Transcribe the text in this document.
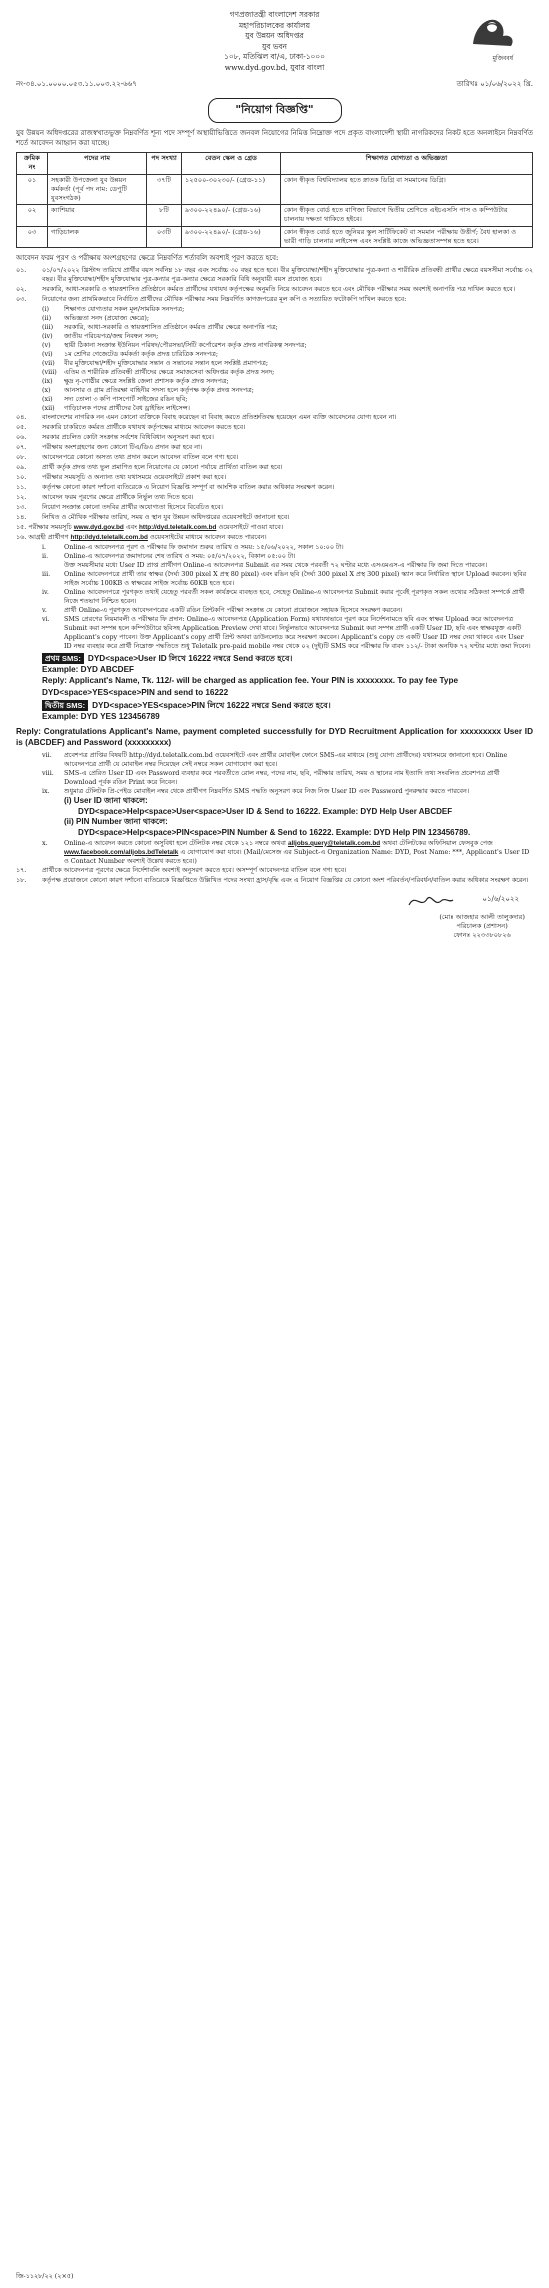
গণপ্রজাতন্ত্রী বাংলাদেশ সরকার
মহাপরিচালকের কার্যালয়
যুব উন্নয়ন অধিদপ্তর
যুব ভবন
১০৮, মতিঝিল বা/এ, ঢাকা-১০০০
www.dyd.gov.bd, যুবার বাংলা
মুজিববর্ষ
নং-৩৪.০১.০০০০.০৫৩.১১.০০৩.২২-৬৬৭	তারিখঃ ০১/০৬/২০২২ খ্রি.
"নিয়োগ বিজ্ঞপ্তি"
যুব উন্নয়ন অধিদপ্তরের রাজস্বখাতভুক্ত নিম্নবর্ণিত শূন্য পদে সম্পূর্ণ অস্থায়ীভিত্তিতে জনবল নিয়োগের নিমিত্ত নিম্নোক্ত পদে প্রকৃত বাংলাদেশী স্থায়ী নাগরিকদের নিকট হতে অনলাইনে নিম্নবর্ণিত শর্তে আবেদন আহ্বান করা যাচ্ছে।
ক্রমিক নং	পদের নাম	পদ সংখ্যা	বেতন স্কেল ও গ্রেড	শিক্ষাগত যোগ্যতা ও অভিজ্ঞতা
০১	সহকারী উপজেলা যুব উন্নয়ন কর্মকর্তা (পূর্ব পদ নাম: ডেপুটি যুবসংগঠক)	৩৭টি	১২৫০০-৩০২৩০/- (গ্রেড-১১)	কোন স্বীকৃত বিশ্ববিদ্যালয় হতে স্নাতক ডিগ্রি বা সমমানের ডিগ্রি।
০২	ক্যাশিয়ার	৮টি	৯৩০০-২২৪৯০/- (গ্রেড-১৬)	কোন স্বীকৃত বোর্ড হতে বাণিজ্য বিভাগে দ্বিতীয় শ্রেণিতে এইচএসসি পাস ও কম্পিউটার চালনায় দক্ষতা থাকিতে হইবে।
০৩	গাড়িচালক	০৩টি	৯৩০০-২২৪৯০/- (গ্রেড-১৬)	কোন স্বীকৃত বোর্ড হতে জুনিয়র স্কুল সার্টিফিকেট বা সমমান পরীক্ষায় উত্তীর্ণ; বৈধ হালকা ও ভারী গাড়ি চালনার লাইসেন্স এবং সংশ্লিষ্ট কাজে অভিজ্ঞতাসম্পন্ন হতে হবে।
আবেদন ফরম পূরণ ও পরীক্ষায় অংশগ্রহণের ক্ষেত্রে নিম্নবর্ণিত শর্তাবলি অবশ্যই পূরণ করতে হবে:
০১.	০১/০৭/২০২২ খ্রিস্টাব্দ তারিখে প্রার্থীর বয়স সর্বনিম্ন ১৮ বছর এবং সর্বোচ্চ ৩০ বছর হতে হবে। বীর মুক্তিযোদ্ধা/শহীদ মুক্তিযোদ্ধার পুত্র-কন্যা ও শারীরিক প্রতিবন্ধী প্রার্থীর ক্ষেত্রে বয়সসীমা সর্বোচ্চ ৩২ বছর। বীর মুক্তিযোদ্ধা/শহীদ মুক্তিযোদ্ধার পুত্র-কন্যার পুত্র-কন্যার ক্ষেত্রে সরকারি বিধি অনুযায়ী বয়স প্রযোজ্য হবে।
০২.	সরকারি, আধা-সরকারি ও স্বায়ত্তশাসিত প্রতিষ্ঠানে কর্মরত প্রার্থীদের যথাযথ কর্তৃপক্ষের অনুমতি নিয়ে আবেদন করতে হবে এবং মৌখিক পরীক্ষার সময় অবশ্যই অনাপত্তি পত্র দাখিল করতে হবে।
০৩.	নিয়োগের জন্য প্রাথমিকভাবে নির্বাচিত প্রার্থীদের মৌখিক পরীক্ষার সময় নিম্নবর্ণিত কাগজপত্রের মূল কপি ও সত্যায়িত ফটোকপি দাখিল করতে হবে:
(i)	শিক্ষাগত যোগ্যতার সকল মূল/সাময়িক সনদপত্র;
(ii)	অভিজ্ঞতা সনদ (প্রযোজ্য ক্ষেত্রে);
(iii)	সরকারি, আধা-সরকারি ও স্বায়ত্তশাসিত প্রতিষ্ঠানে কর্মরত প্রার্থীর ক্ষেত্রে অনাপত্তি পত্র;
(iv)	জাতীয় পরিচয়পত্র/জন্ম নিবন্ধন সনদ;
(v)	স্থায়ী ঠিকানা সংক্রান্ত ইউনিয়ন পরিষদ/পৌরসভা/সিটি কর্পোরেশন কর্তৃক প্রদত্ত নাগরিকত্ব সনদপত্র;
(vi)	১ম শ্রেণির গেজেটেড কর্মকর্তা কর্তৃক প্রদত্ত চারিত্রিক সনদপত্র;
(vii)	বীর মুক্তিযোদ্ধা/শহীদ মুক্তিযোদ্ধার সন্তান ও সন্তানের সন্তান হলে সংশ্লিষ্ট প্রমাণপত্র;
(viii)	এতিম ও শারীরিক প্রতিবন্ধী প্রার্থীদের ক্ষেত্রে সমাজসেবা অধিদপ্তর কর্তৃক প্রদত্ত সনদ;
(ix)	ক্ষুদ্র নৃ-গোষ্ঠীর ক্ষেত্রে সংশ্লিষ্ট জেলা প্রশাসক কর্তৃক প্রদত্ত সনদপত্র;
(x)	আনসার ও গ্রাম প্রতিরক্ষা বাহিনীর সদস্য হলে কর্তৃপক্ষ কর্তৃক প্রদত্ত সনদপত্র;
(xi)	সদ্য তোলা ৩ কপি পাসপোর্ট সাইজের রঙিন ছবি;
(xii)	গাড়িচালক পদের প্রার্থীদের বৈধ ড্রাইভিং লাইসেন্স।
০৪.	বাংলাদেশের নাগরিক নন এমন কোনো ব্যক্তিকে বিবাহ করেছেন বা বিবাহ করতে প্রতিশ্রুতিবদ্ধ হয়েছেন এমন ব্যক্তি আবেদনের যোগ্য হবেন না।
০৫.	সরকারি চাকরিতে কর্মরত প্রার্থীকে যথাযথ কর্তৃপক্ষের মাধ্যমে আবেদন করতে হবে।
০৬.	সরকার প্রচলিত কোটা সংক্রান্ত সর্বশেষ বিধিবিধান অনুসরণ করা হবে।
০৭.	পরীক্ষায় অংশগ্রহণের জন্য কোনো টিএ/ডিএ প্রদান করা হবে না।
০৮.	আবেদনপত্রে কোনো অসত্য তথ্য প্রদান করলে আবেদন বাতিল বলে গণ্য হবে।
০৯.	প্রার্থী কর্তৃক প্রদত্ত তথ্য ভুল প্রমাণিত হলে নিয়োগের যে কোনো পর্যায়ে প্রার্থিতা বাতিল করা হবে।
১০.	পরীক্ষার সময়সূচি ও অন্যান্য তথ্য যথাসময়ে ওয়েবসাইটে প্রকাশ করা হবে।
১১.	কর্তৃপক্ষ কোনো কারণ দর্শানো ব্যতিরেকে এ নিয়োগ বিজ্ঞপ্তি সম্পূর্ণ বা আংশিক বাতিল করার অধিকার সংরক্ষণ করেন।
১২.	আবেদন ফরম পূরণের ক্ষেত্রে প্রার্থীকে নির্ভুল তথ্য দিতে হবে।
১৩.	নিয়োগ সংক্রান্ত কোনো তদবির প্রার্থীর অযোগ্যতা হিসেবে বিবেচিত হবে।
১৪.	লিখিত ও মৌখিক পরীক্ষার তারিখ, সময় ও স্থান যুব উন্নয়ন অধিদপ্তরের ওয়েবসাইটে জানানো হবে।
১৫. পরীক্ষার সময়সূচি www.dyd.gov.bd এবং http://dyd.teletalk.com.bd ওয়েবসাইটে পাওয়া যাবে।
১৬. আগ্রহী প্রার্থীগণ http://dyd.teletalk.com.bd ওয়েবসাইটের মাধ্যমে আবেদন করতে পারবেন।
i.	Online-এ আবেদনপত্র পূরণ ও পরীক্ষার ফি জমাদান শুরুর তারিখ ও সময়: ১৫/০৬/২০২২, সকাল ১০:০০ টা।
ii.	Online-এ আবেদনপত্র জমাদানের শেষ তারিখ ও সময়: ০৫/০৭/২০২২, বিকাল ০৫:০০ টা।
উক্ত সময়সীমার মধ্যে User ID প্রাপ্ত প্রার্থীগণ Online-এ আবেদনপত্র Submit এর সময় থেকে পরবর্তী ৭২ ঘণ্টার মধ্যে এসএমএস-এ পরীক্ষার ফি জমা দিতে পারবেন।
iii.	Online আবেদনপত্রে প্রার্থী তার স্বাক্ষর (দৈর্ঘ্য 300 pixel X প্রস্থ 80 pixel) এবং রঙিন ছবি (দৈর্ঘ্য 300 pixel X প্রস্থ 300 pixel) স্ক্যান করে নির্ধারিত স্থানে Upload করবেন। ছবির সাইজ সর্বোচ্চ 100KB ও স্বাক্ষরের সাইজ সর্বোচ্চ 60KB হতে হবে।
iv.	Online আবেদনপত্রে পূরণকৃত তথ্যই যেহেতু পরবর্তী সকল কার্যক্রমে ব্যবহৃত হবে, সেহেতু Online-এ আবেদনপত্র Submit করার পূর্বেই পূরণকৃত সকল তথ্যের সঠিকতা সম্পর্কে প্রার্থী নিজে শতভাগ নিশ্চিত হবেন।
v.	প্রার্থী Online-এ পূরণকৃত আবেদনপত্রের একটি রঙিন প্রিন্টকপি পরীক্ষা সংক্রান্ত যে কোনো প্রয়োজনে সহায়ক হিসেবে সংরক্ষণ করবেন।
vi.	SMS প্রেরণের নিয়মাবলী ও পরীক্ষার ফি প্রদান: Online-এ আবেদনপত্র (Application Form) যথাযথভাবে পূরণ করে নির্দেশনামতে ছবি এবং স্বাক্ষর Upload করে আবেদনপত্র Submit করা সম্পন্ন হলে কম্পিউটারে ছবিসহ Application Preview দেখা যাবে। নির্ভুলভাবে আবেদনপত্র Submit করা সম্পন্ন প্রার্থী একটি User ID, ছবি এবং স্বাক্ষরযুক্ত একটি Applicant's copy পাবেন। উক্ত Applicant's copy প্রার্থী প্রিন্ট অথবা ডাউনলোড করে সংরক্ষণ করবেন। Applicant's copy তে একটি User ID নম্বর দেয়া থাকবে এবং User ID নম্বর ব্যবহার করে প্রার্থী নিম্নোক্ত পদ্ধতিতে শুধু Teletalk pre-paid mobile নম্বর থেকে ০২ (দুই)টি SMS করে পরীক্ষার ফি বাবদ ১১২/- টাকা অনধিক ৭২ ঘণ্টার মধ্যে জমা দিবেন।
প্রথম SMS: DYD<space>User ID লিখে 16222 নম্বরে Send করতে হবে।
Example: DYD ABCDEF
Reply: Applicant's Name, Tk. 112/- will be charged as application fee. Your PIN is xxxxxxxx. To pay fee Type DYD<space>YES<space>PIN and send to 16222
দ্বিতীয় SMS: DYD<space>YES<space>PIN লিখে 16222 নম্বরে Send করতে হবে।
Example: DYD YES 123456789
Reply: Congratulations Applicant's Name, payment completed successfully for DYD Recruitment Application for xxxxxxxxx User ID is (ABCDEF) and Password (xxxxxxxxx)
vii.	প্রবেশপত্র প্রাপ্তির বিষয়টি http://dyd.teletalk.com.bd ওয়েবসাইটে এবং প্রার্থীর মোবাইল ফোনে SMS-এর মাধ্যমে (শুধু যোগ্য প্রার্থীদের) যথাসময়ে জানানো হবে। Online আবেদনপত্রে প্রার্থী যে মোবাইল নম্বর দিয়েছেন সেই নম্বরে সকল যোগাযোগ করা হবে।
viii.	SMS-এ প্রেরিত User ID এবং Password ব্যবহার করে পরবর্তীতে রোল নম্বর, পদের নাম, ছবি, পরীক্ষার তারিখ, সময় ও স্থানের নাম ইত্যাদি তথ্য সংবলিত প্রবেশপত্র প্রার্থী Download পূর্বক রঙিন Print করে নিবেন।
ix.	শুধুমাত্র টেলিটক প্রি-পেইড মোবাইল নম্বর থেকে প্রার্থীগণ নিম্নবর্ণিত SMS পদ্ধতি অনুসরণ করে নিজ নিজ User ID এবং Password পুনরুদ্ধার করতে পারবেন।
(i) User ID জানা থাকলে:
DYD<space>Help<space>User<space>User ID & Send to 16222. Example: DYD Help User ABCDEF
(ii) PIN Number জানা থাকলে:
DYD<space>Help<space>PIN<space>PIN Number & Send to 16222. Example: DYD Help PIN 123456789.
x.	Online-এ আবেদন করতে কোনো অসুবিধা হলে টেলিটক নম্বর থেকে ১২১ নম্বরে অথবা alljobs.query@teletalk.com.bd অথবা টেলিটকের অফিসিয়াল ফেসবুক পেজ www.facebook.com/alljobs.bdTeletalk এ যোগাযোগ করা যাবে। (Mail/মেসেজ এর Subject-এ Organization Name: DYD, Post Name: ***, Applicant's User ID ও Contact Number অবশ্যই উল্লেখ করতে হবে।)
১৭.	প্রার্থীকে আবেদনপত্র পূরণের ক্ষেত্রে নির্দেশাবলি অবশ্যই অনুসরণ করতে হবে। অসম্পূর্ণ আবেদনপত্র বাতিল বলে গণ্য হবে।
১৮.	কর্তৃপক্ষ প্রয়োজনে কোনো কারণ দর্শানো ব্যতিরেকে বিজ্ঞপ্তিতে উল্লিখিত পদের সংখ্যা হ্রাস/বৃদ্ধি এবং এ নিয়োগ বিজ্ঞপ্তির যে কোনো অংশ পরিবর্তন/পরিবর্ধন/বাতিল করার অধিকার সংরক্ষণ করেন।
০১/৬/২০২২
(মোঃ আজহার আলী তালুকদার)
পরিচালক (প্রশাসন)
ফোনঃ ২২৩৩৮০৮২৬
জি-১১২৮/২২ (২×৫)
